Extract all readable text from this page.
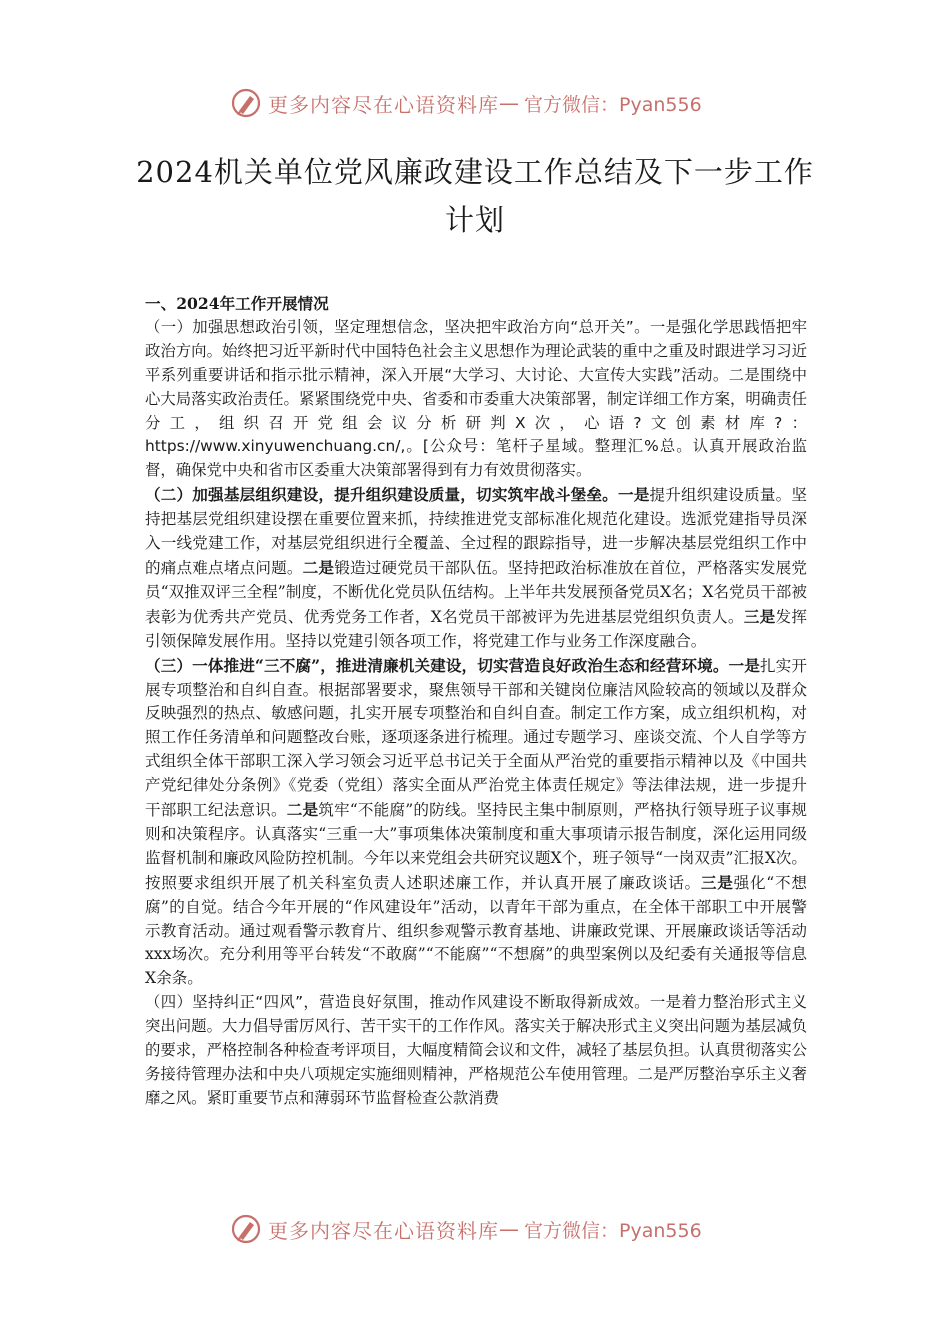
更多内容尽在心语资料库 — 官方微信：Pyan556
2024机关单位党风廉政建设工作总结及下一步工作计划

一、2024年工作开展情况

（一）加强思想政治引领，坚定理想信念，坚决把牢政治方向“总开关”。一是强化学思践悟把牢政治方向。始终把习近平新时代中国特色社会主义思想作为理论武装的重中之重及时跟进学习习近平系列重要讲话和指示批示精神，深入开展“大学习、大讨论、大宣传大实践”活动。二是围绕中心大局落实政治责任。紧紧围绕党中央、省委和市委重大决策部署，制定详细工作方案，明确责任分工，组织召开党组会议分析研判X次，心语?文创素材库?：https://www.xinyuwenchuang.cn/,。[公众号：笔杆子星域。整理汇%总。认真开展政治监督，确保党中央和省市区委重大决策部署得到有力有效贯彻落实。

（二）加强基层组织建设，提升组织建设质量，切实筑牢战斗堡垒。一是提升组织建设质量。坚持把基层党组织建设摆在重要位置来抓，持续推进党支部标准化规范化建设。选派党建指导员深入一线党建工作，对基层党组织进行全覆盖、全过程的跟踪指导，进一步解决基层党组织工作中的痛点难点堵点问题。二是锻造过硬党员干部队伍。坚持把政治标准放在首位，严格落实发展党员“双推双评三全程”制度，不断优化党员队伍结构。上半年共发展预备党员X名；X名党员干部被表彰为优秀共产党员、优秀党务工作者，X名党员干部被评为先进基层党组织负责人。三是发挥引领保障发展作用。坚持以党建引领各项工作，将党建工作与业务工作深度融合。

（三）一体推进“三不腐”，推进清廉机关建设，切实营造良好政治生态和经营环境。一是扎实开展专项整治和自纠自查。根据部署要求，聚焦领导干部和关键岗位廉洁风险较高的领域以及群众反映强烈的热点、敏感问题，扎实开展专项整治和自纠自查。制定工作方案，成立组织机构，对照工作任务清单和问题整改台账，逐项逐条进行梳理。通过专题学习、座谈交流、个人自学等方式组织全体干部职工深入学习领会习近平总书记关于全面从严治党的重要指示精神以及《中国共产党纪律处分条例》《党委（党组）落实全面从严治党主体责任规定》等法律法规，进一步提升干部职工纪法意识。二是筑牢“不能腐”的防线。坚持民主集中制原则，严格执行领导班子议事规则和决策程序。认真落实“三重一大”事项集体决策制度和重大事项请示报告制度，深化运用同级监督机制和廉政风险防控机制。今年以来党组会共研究议题X个，班子领导“一岗双责”汇报X次。按照要求组织开展了机关科室负责人述职述廉工作，并认真开展了廉政谈话。三是强化“不想腐”的自觉。结合今年开展的“作风建设年”活动，以青年干部为重点，在全体干部职工中开展警示教育活动。通过观看警示教育片、组织参观警示教育基地、讲廉政党课、开展廉政谈话等活动xxx场次。充分利用等平台转发“不敢腐”“不能腐”“不想腐”的典型案例以及纪委有关通报等信息X余条。

（四）坚持纠正“四风”，营造良好氛围，推动作风建设不断取得新成效。一是着力整治形式主义突出问题。大力倡导雷厉风行、苦干实干的工作作风。落实关于解决形式主义突出问题为基层减负的要求，严格控制各种检查考评项目，大幅度精简会议和文件，减轻了基层负担。认真贯彻落实公务接待管理办法和中央八项规定实施细则精神，严格规范公车使用管理。二是严厉整治享乐主义奢靡之风。紧盯重要节点和薄弱环节监督检查公款消费

更多内容尽在心语资料库 — 官方微信：Pyan556
